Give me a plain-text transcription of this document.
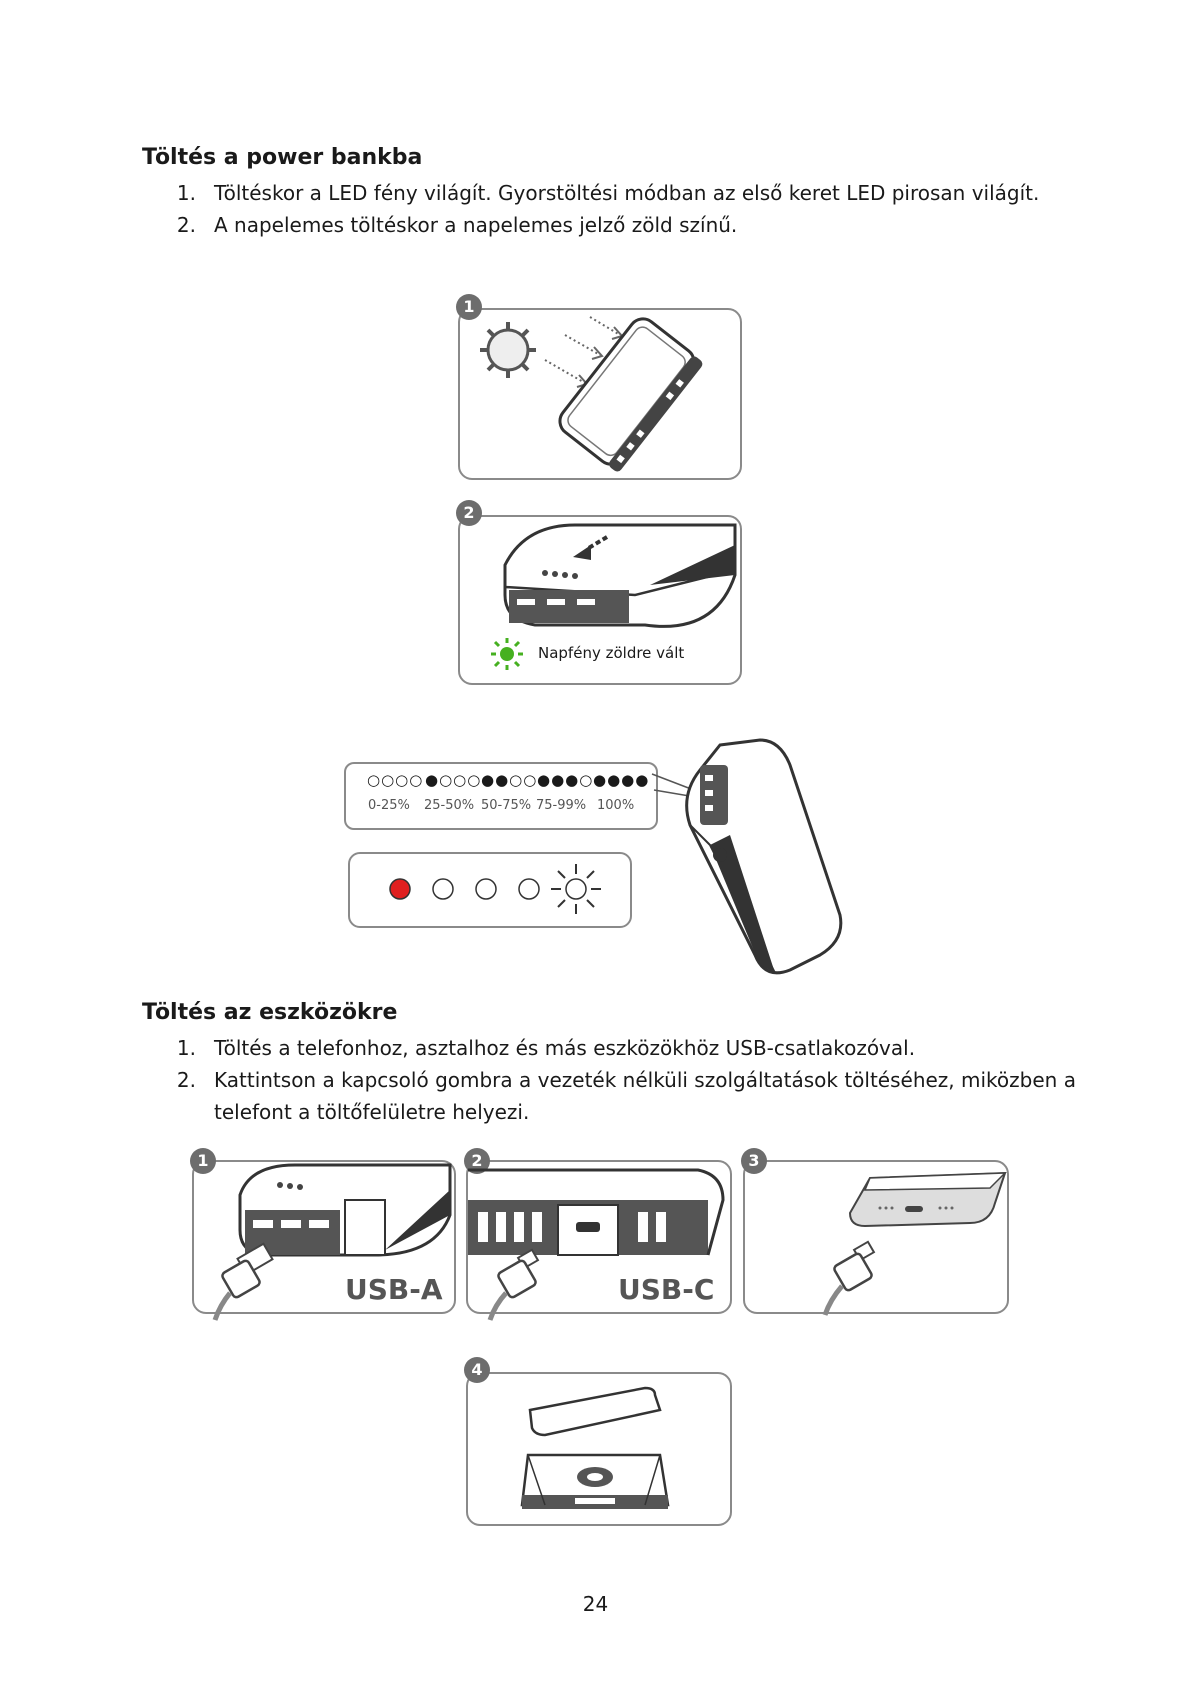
Töltés a power bankba
1. Töltéskor a LED fény világít. Gyorstöltési módban az első keret LED pirosan világít.
2. A napelemes töltéskor a napelemes jelző zöld színű.
1
2
Napfény zöldre vált
○○○○ ●○○○ ●●○○ ●●●○ ●●●●
0-25% 25-50% 50-75% 75-99% 100%
Töltés az eszközökre
1. Töltés a telefonhoz, asztalhoz és más eszközökhöz USB-csatlakozóval.
2. Kattintson a kapcsoló gombra a vezeték nélküli szolgáltatások töltéséhez, miközben a
telefont a töltőfelületre helyezi.
1
USB-A
2
USB-C
3
4
24
